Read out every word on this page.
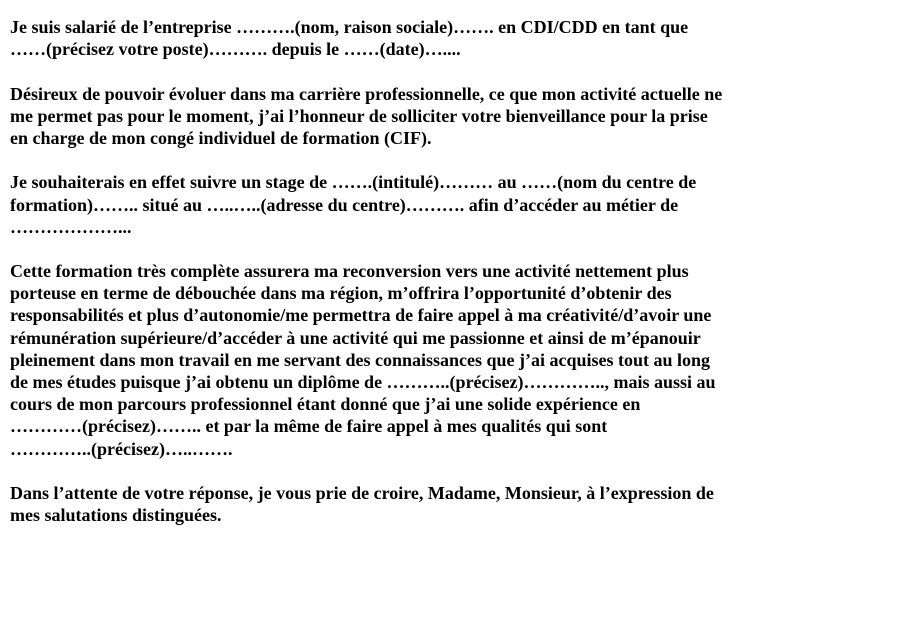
Je suis salarié de l’entreprise ……….(nom, raison sociale)……. en CDI/CDD en tant que
……(précisez votre poste)………. depuis le ……(date)…....
Désireux de pouvoir évoluer dans ma carrière professionnelle, ce que mon activité actuelle ne
me permet pas pour le moment, j’ai l’honneur de solliciter votre bienveillance pour la prise
en charge de mon congé individuel de formation (CIF).
Je souhaiterais en effet suivre un stage de …….(intitulé)……… au ……(nom du centre de
formation)…….. situé au …..…..(adresse du centre)………. afin d’accéder au métier de
………………...
Cette formation très complète assurera ma reconversion vers une activité nettement plus
porteuse en terme de débouchée dans ma région, m’offrira l’opportunité d’obtenir des
responsabilités et plus d’autonomie/me permettra de faire appel à ma créativité/d’avoir une
rémunération supérieure/d’accéder à une activité qui me passionne et ainsi de m’épanouir
pleinement dans mon travail en me servant des connaissances que j’ai acquises tout au long
de mes études puisque j’ai obtenu un diplôme de ………..(précisez)………….., mais aussi au
cours de mon parcours professionnel étant donné que j’ai une solide expérience en
…………(précisez)…….. et par la même de faire appel à mes qualités qui sont
…………..(précisez)…..…….
Dans l’attente de votre réponse, je vous prie de croire, Madame, Monsieur, à l’expression de
mes salutations distinguées.
